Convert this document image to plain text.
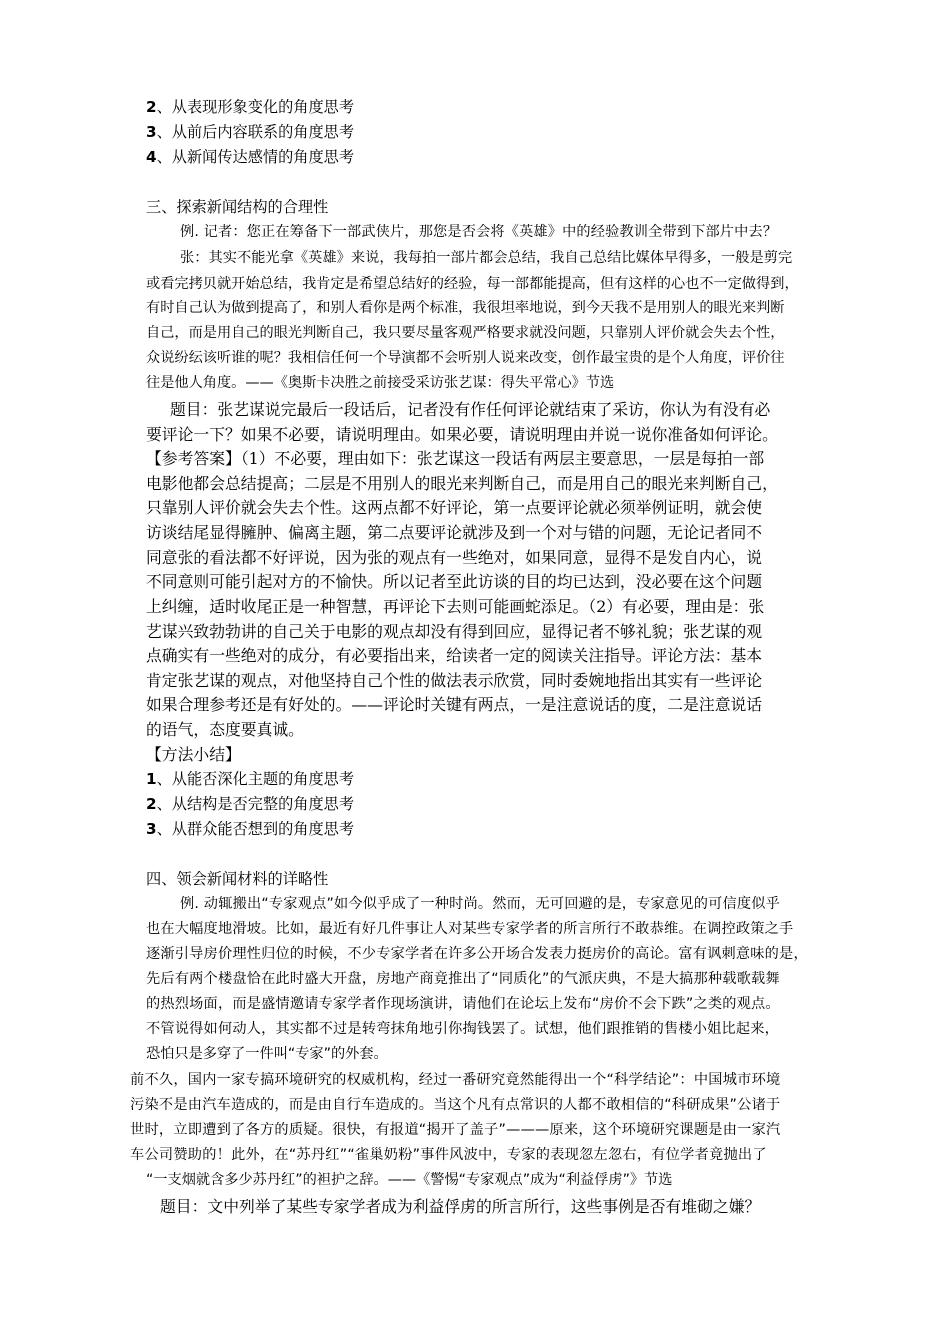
2、从表现形象变化的角度思考
3、从前后内容联系的角度思考
4、从新闻传达感情的角度思考
三、探索新闻结构的合理性
例. 记者：您正在筹备下一部武侠片，那您是否会将《英雄》中的经验教训全带到下部片中去？
张：其实不能光拿《英雄》来说，我每拍一部片都会总结，我自己总结比媒体早得多，一般是剪完
或看完拷贝就开始总结，我肯定是希望总结好的经验，每一部都能提高，但有这样的心也不一定做得到，
有时自己认为做到提高了，和别人看你是两个标准，我很坦率地说，到今天我不是用别人的眼光来判断
自己，而是用自己的眼光判断自己，我只要尽量客观严格要求就没问题，只靠别人评价就会失去个性，
众说纷纭该听谁的呢？我相信任何一个导演都不会听别人说来改变，创作最宝贵的是个人角度，评价往
往是他人角度。——《奥斯卡决胜之前接受采访张艺谋：得失平常心》节选
题目：张艺谋说完最后一段话后，记者没有作任何评论就结束了采访，你认为有没有必
要评论一下？如果不必要，请说明理由。如果必要，请说明理由并说一说你准备如何评论。
【参考答案】（1）不必要，理由如下：张艺谋这一段话有两层主要意思，一层是每拍一部
电影他都会总结提高；二层是不用别人的眼光来判断自己，而是用自己的眼光来判断自己，
只靠别人评价就会失去个性。这两点都不好评论，第一点要评论就必须举例证明，就会使
访谈结尾显得臃肿、偏离主题，第二点要评论就涉及到一个对与错的问题，无论记者同不
同意张的看法都不好评说，因为张的观点有一些绝对，如果同意，显得不是发自内心，说
不同意则可能引起对方的不愉快。所以记者至此访谈的目的均已达到，没必要在这个问题
上纠缠，适时收尾正是一种智慧，再评论下去则可能画蛇添足。（2）有必要，理由是：张
艺谋兴致勃勃讲的自己关于电影的观点却没有得到回应，显得记者不够礼貌；张艺谋的观
点确实有一些绝对的成分，有必要指出来，给读者一定的阅读关注指导。评论方法：基本
肯定张艺谋的观点，对他坚持自己个性的做法表示欣赏，同时委婉地指出其实有一些评论
如果合理参考还是有好处的。——评论时关键有两点，一是注意说话的度，二是注意说话
的语气，态度要真诚。
【方法小结】
1、从能否深化主题的角度思考
2、从结构是否完整的角度思考
3、从群众能否想到的角度思考
四、领会新闻材料的详略性
例. 动辄搬出“专家观点”如今似乎成了一种时尚。然而，无可回避的是，专家意见的可信度似乎
也在大幅度地滑坡。比如，最近有好几件事让人对某些专家学者的所言所行不敢恭维。在调控政策之手
逐渐引导房价理性归位的时候，不少专家学者在许多公开场合发表力挺房价的高论。富有讽刺意味的是，
先后有两个楼盘恰在此时盛大开盘，房地产商竟推出了“同质化”的气派庆典，不是大搞那种载歌载舞
的热烈场面，而是盛情邀请专家学者作现场演讲，请他们在论坛上发布“房价不会下跌”之类的观点。
不管说得如何动人，其实都不过是转弯抹角地引你掏钱罢了。试想，他们跟推销的售楼小姐比起来，
恐怕只是多穿了一件叫“专家”的外套。
前不久，国内一家专搞环境研究的权威机构，经过一番研究竟然能得出一个“科学结论”：中国城市环境
污染不是由汽车造成的，而是由自行车造成的。当这个凡有点常识的人都不敢相信的“科研成果”公诸于
世时，立即遭到了各方的质疑。很快，有报道“揭开了盖子”———原来，这个环境研究课题是由一家汽
车公司赞助的！此外，在“苏丹红”“雀巢奶粉”事件风波中，专家的表现忽左忽右，有位学者竟抛出了
“一支烟就含多少苏丹红”的袒护之辞。——《警惕“专家观点”成为“利益俘虏”》节选
题目：文中列举了某些专家学者成为利益俘虏的所言所行，这些事例是否有堆砌之嫌？
